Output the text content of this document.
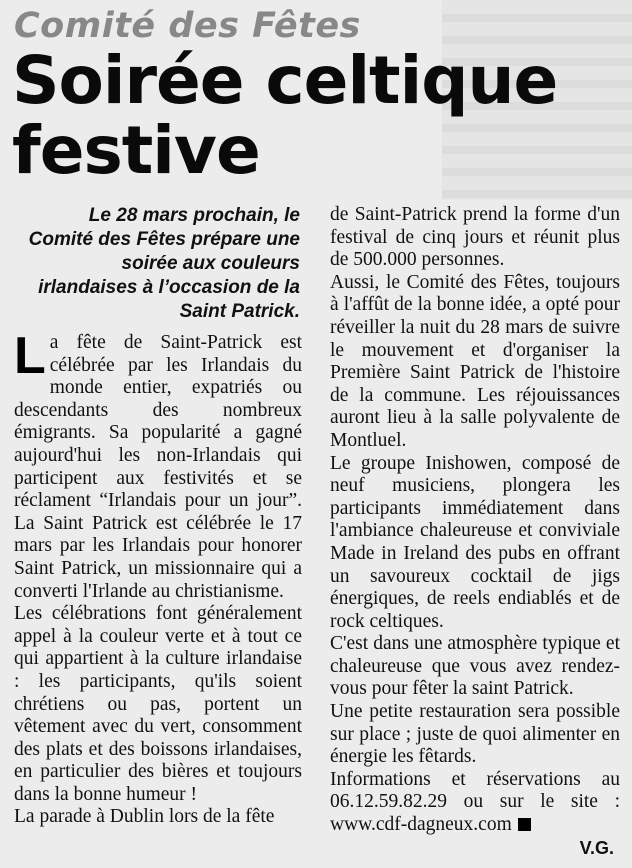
Comité des Fêtes
Soirée celtique festive
Le 28 mars prochain, le Comité des Fêtes prépare une soirée aux couleurs irlandaises à l’occasion de la Saint Patrick.

La fête de Saint-Patrick est célébrée par les Irlandais du monde entier, expatriés ou descendants des nombreux émigrants. Sa popularité a gagné aujourd'hui les non-Irlandais qui participent aux festivités et se réclament “Irlandais pour un jour”. La Saint Patrick est célébrée le 17 mars par les Irlandais pour honorer Saint Patrick, un missionnaire qui a converti l'Irlande au christianisme.

Les célébrations font généralement appel à la couleur verte et à tout ce qui appartient à la culture irlandaise : les participants, qu'ils soient chrétiens ou pas, portent un vêtement avec du vert, consomment des plats et des boissons irlandaises, en particulier des bières et toujours dans la bonne humeur !

La parade à Dublin lors de la fête

de Saint-Patrick prend la forme d'un festival de cinq jours et réunit plus de 500.000 personnes.

Aussi, le Comité des Fêtes, toujours à l'affût de la bonne idée, a opté pour réveiller la nuit du 28 mars de suivre le mouvement et d'organiser la Première Saint Patrick de l'histoire de la commune. Les réjouissances auront lieu à la salle polyvalente de Montluel.

Le groupe Inishowen, composé de neuf musiciens, plongera les participants immédiatement dans l'ambiance chaleureuse et conviviale Made in Ireland des pubs en offrant un savoureux cocktail de jigs énergiques, de reels endiablés et de rock celtiques.

C'est dans une atmosphère typique et chaleureuse que vous avez rendez-vous pour fêter la saint Patrick.

Une petite restauration sera possible sur place ; juste de quoi alimenter en énergie les fêtards.

Informations et réservations au 06.12.59.82.29 ou sur le site : www.cdf-dagneux.com

V.G.
